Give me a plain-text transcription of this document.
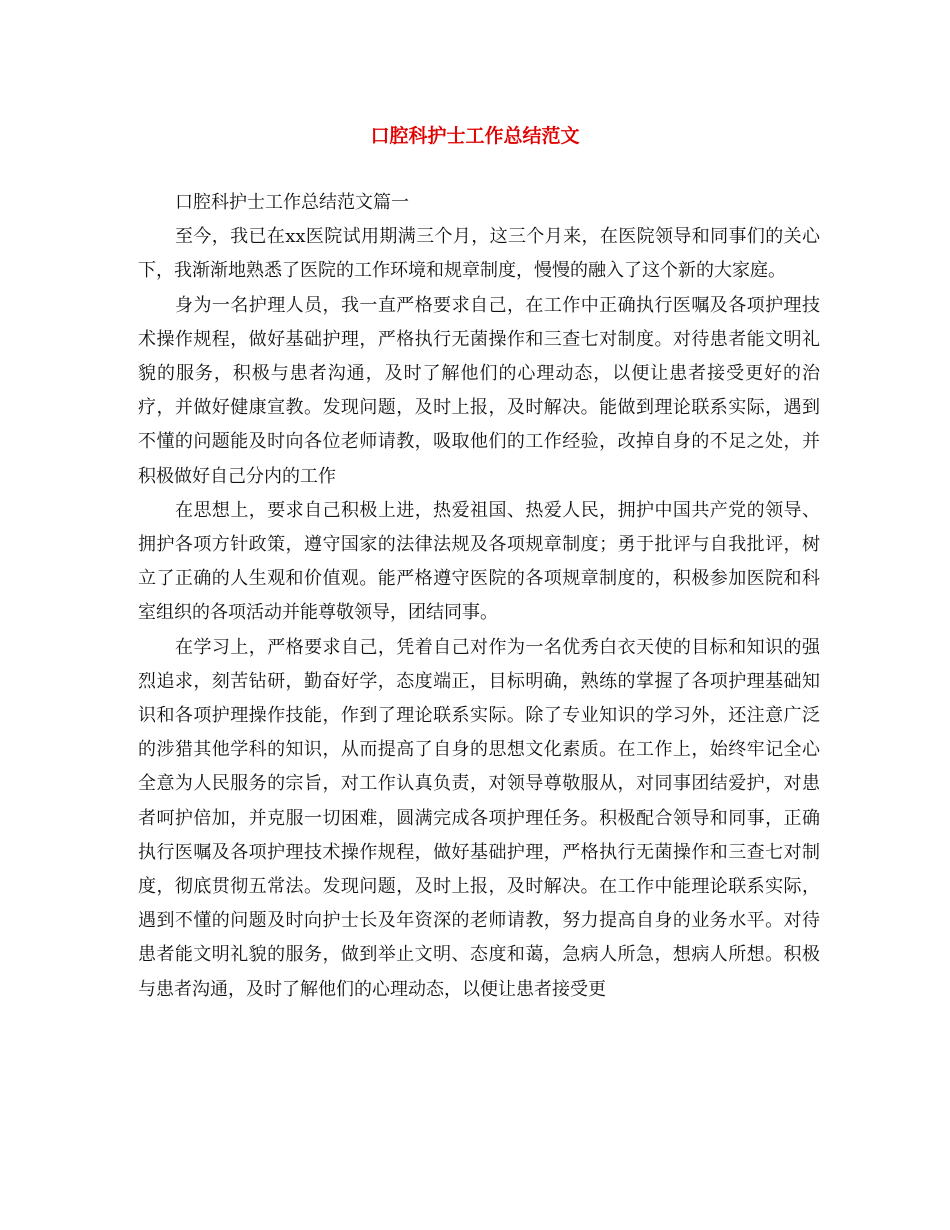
口腔科护士工作总结范文

口腔科护士工作总结范文篇一

至今，我已在xx医院试用期满三个月，这三个月来，在医院领导和同事们的关心下，我渐渐地熟悉了医院的工作环境和规章制度，慢慢的融入了这个新的大家庭。

身为一名护理人员，我一直严格要求自己，在工作中正确执行医嘱及各项护理技术操作规程，做好基础护理，严格执行无菌操作和三查七对制度。对待患者能文明礼貌的服务，积极与患者沟通，及时了解他们的心理动态，以便让患者接受更好的治疗，并做好健康宣教。发现问题，及时上报，及时解决。能做到理论联系实际，遇到不懂的问题能及时向各位老师请教，吸取他们的工作经验，改掉自身的不足之处，并积极做好自己分内的工作

在思想上，要求自己积极上进，热爱祖国、热爱人民，拥护中国共产党的领导、拥护各项方针政策，遵守国家的法律法规及各项规章制度；勇于批评与自我批评，树立了正确的人生观和价值观。能严格遵守医院的各项规章制度的，积极参加医院和科室组织的各项活动并能尊敬领导，团结同事。

在学习上，严格要求自己，凭着自己对作为一名优秀白衣天使的目标和知识的强烈追求，刻苦钻研，勤奋好学，态度端正，目标明确，熟练的掌握了各项护理基础知识和各项护理操作技能，作到了理论联系实际。除了专业知识的学习外，还注意广泛的涉猎其他学科的知识，从而提高了自身的思想文化素质。在工作上，始终牢记全心全意为人民服务的宗旨，对工作认真负责，对领导尊敬服从，对同事团结爱护，对患者呵护倍加，并克服一切困难，圆满完成各项护理任务。积极配合领导和同事，正确执行医嘱及各项护理技术操作规程，做好基础护理，严格执行无菌操作和三查七对制度，彻底贯彻五常法。发现问题，及时上报，及时解决。在工作中能理论联系实际，遇到不懂的问题及时向护士长及年资深的老师请教，努力提高自身的业务水平。对待患者能文明礼貌的服务，做到举止文明、态度和蔼，急病人所急，想病人所想。积极与患者沟通，及时了解他们的心理动态，以便让患者接受更
